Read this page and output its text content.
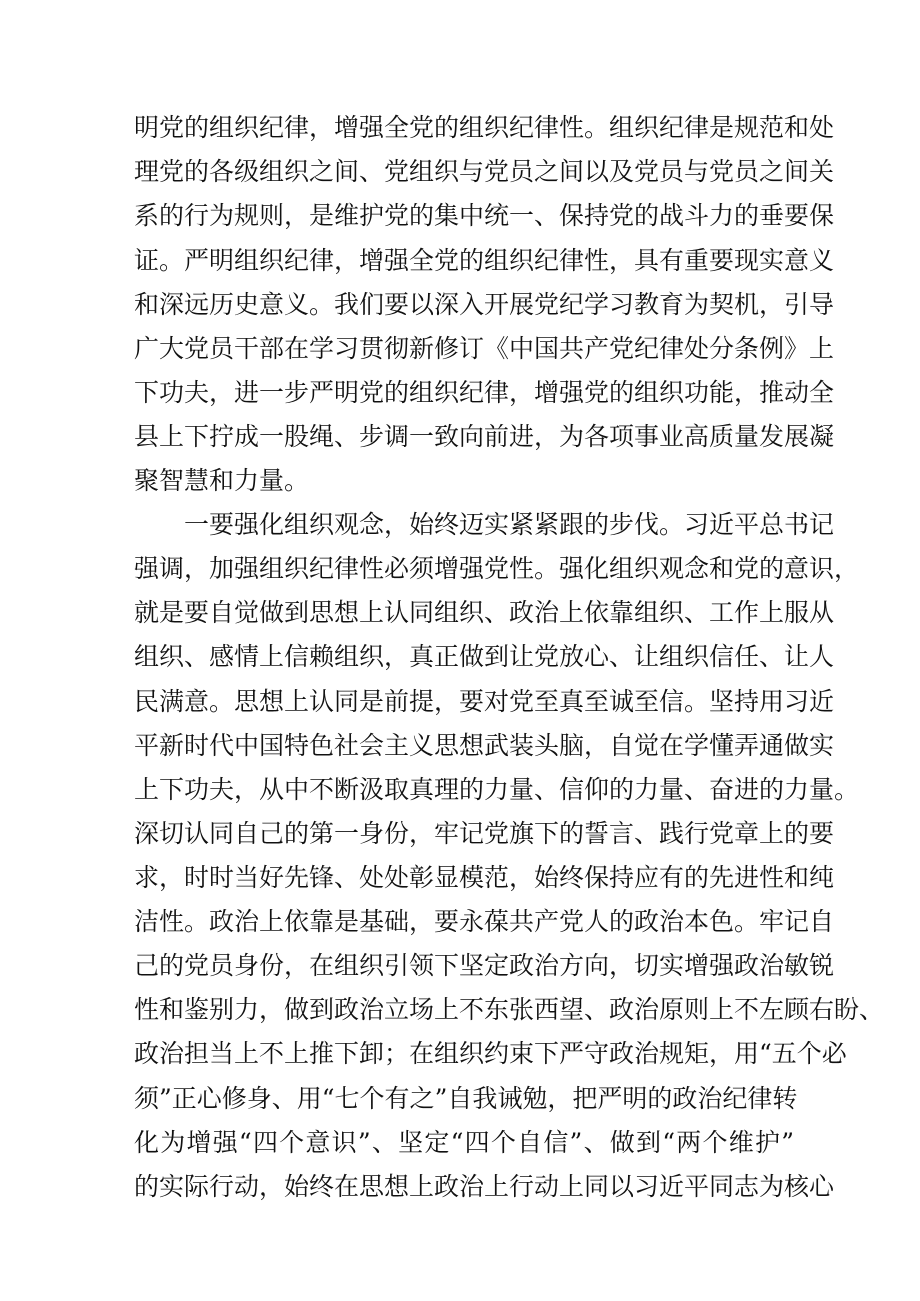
明党的组织纪律，增强全党的组织纪律性。组织纪律是规范和处
理党的各级组织之间、党组织与党员之间以及党员与党员之间关
系的行为规则，是维护党的集中统一、保持党的战斗力的垂要保
证。严明组织纪律，增强全党的组织纪律性，具有重要现实意义
和深远历史意义。我们要以深入开展党纪学习教育为契机，引导
广大党员干部在学习贯彻新修订《中国共产党纪律处分条例》上
下功夫，进一步严明党的组织纪律，增强党的组织功能，推动全
县上下拧成一股绳、步调一致向前进，为各项事业高质量发展凝
聚智慧和力量。
一要强化组织观念，始终迈实紧紧跟的步伐。习近平总书记
强调，加强组织纪律性必须增强党性。强化组织观念和党的意识，
就是要自觉做到思想上认同组织、政治上依靠组织、工作上服从
组织、感情上信赖组织，真正做到让党放心、让组织信任、让人
民满意。思想上认同是前提，要对党至真至诚至信。坚持用习近
平新时代中国特色社会主义思想武装头脑，自觉在学懂弄通做实
上下功夫，从中不断汲取真理的力量、信仰的力量、奋进的力量。
深切认同自己的第一身份，牢记党旗下的誓言、践行党章上的要
求，时时当好先锋、处处彰显模范，始终保持应有的先进性和纯
洁性。政治上依靠是基础，要永葆共产党人的政治本色。牢记自
己的党员身份，在组织引领下坚定政治方向，切实增强政治敏锐
性和鉴别力，做到政治立场上不东张西望、政治原则上不左顾右盼、
政治担当上不上推下卸；在组织约束下严守政治规矩，用“五个必
须”正心修身、用“七个有之”自我诫勉，把严明的政治纪律转
化为增强“四个意识”、坚定“四个自信”、做到“两个维护”
的实际行动，始终在思想上政治上行动上同以习近平同志为核心
